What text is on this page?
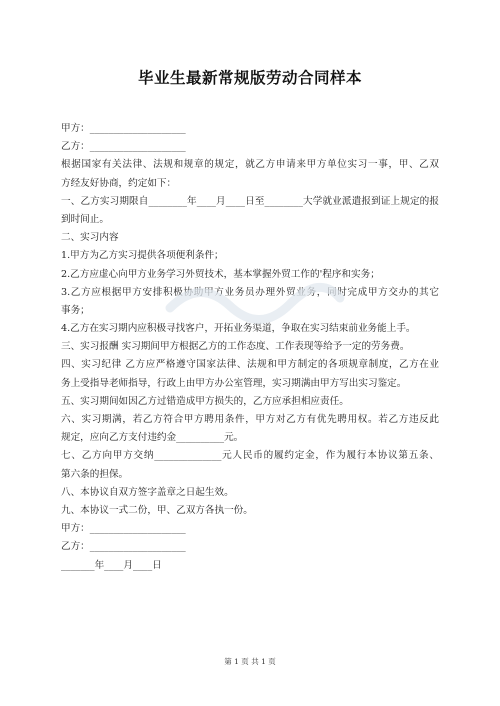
毕业生最新常规版劳动合同样本
甲方：____________________
乙方：____________________
根据国家有关法律、法规和规章的规定，就乙方申请来甲方单位实习一事，甲、乙双
方经友好协商，约定如下：
一、乙方实习期限自________年____月____日至________大学就业派遣报到证上规定的报
到时间止。
二、实习内容
1.甲方为乙方实习提供各项便利条件；
2.乙方应虚心向甲方业务学习外贸技术，基本掌握外贸工作的'程序和实务；
3.乙方应根据甲方安排积极协助甲方业务员办理外贸业务，同时完成甲方交办的其它
事务；
4.乙方在实习期内应积极寻找客户，开拓业务渠道，争取在实习结束前业务能上手。
三、实习报酬 实习期间甲方根据乙方的工作态度、工作表现等给予一定的劳务费。
四、实习纪律 乙方应严格遵守国家法律、法规和甲方制定的各项规章制度，乙方在业
务上受指导老师指导，行政上由甲方办公室管理，实习期满由甲方写出实习鉴定。
五、实习期间如因乙方过错造成甲方损失的，乙方应承担相应责任。
六、实习期满，若乙方符合甲方聘用条件，甲方对乙方有优先聘用权。若乙方违反此
规定，应向乙方支付违约金__________元。
七、乙方向甲方交纳______________元人民币的履约定金，作为履行本协议第五条、
第六条的担保。
八、本协议自双方签字盖章之日起生效。
九、本协议一式二份，甲、乙双方各执一份。
甲方：____________________
乙方：____________________
_______年____月____日
第 1 页 共 1 页
